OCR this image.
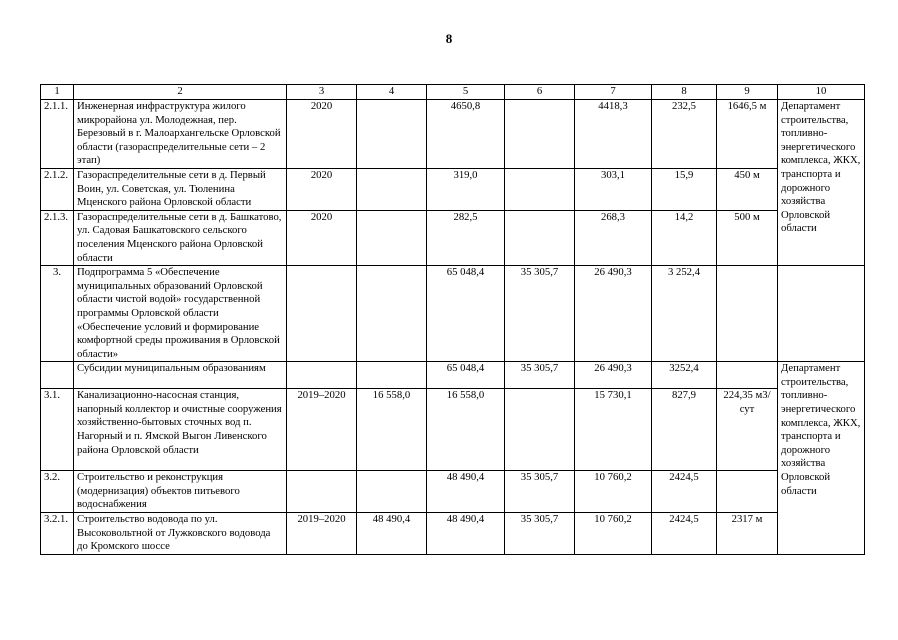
8
1	2	3	4	5	6	7	8	9	10
2.1.1.	Инженерная инфраструктура жилого микрорайона ул. Молодежная, пер. Березовый в г. Малоархангельске Орловской области (газораспределительные сети – 2 этап)	2020		4650,8		4418,3	232,5	1646,5 м	Департамент строительства, топливно-энергетического комплекса, ЖКХ, транспорта и дорожного хозяйства Орловской области
2.1.2.	Газораспределительные сети в д. Первый Воин, ул. Советская, ул. Тюленина Мценского района Орловской области	2020		319,0		303,1	15,9	450 м	
2.1.3.	Газораспределительные сети в д. Башкатово, ул. Садовая Башкатовского сельского поселения Мценского района Орловской области	2020		282,5		268,3	14,2	500 м	
3.	Подпрограмма 5 «Обеспечение муниципальных образований Орловской области чистой водой» государственной программы Орловской области «Обеспечение условий и формирование комфортной среды проживания в Орловской области»			65 048,4	35 305,7	26 490,3	3 252,4		
	Субсидии муниципальным образованиям			65 048,4	35 305,7	26 490,3	3252,4		Департамент строительства, топливно-энергетического комплекса, ЖКХ, транспорта и дорожного хозяйства Орловской области
3.1.	Канализационно-насосная станция, напорный коллектор и очистные сооружения хозяйственно-бытовых сточных вод п. Нагорный и п. Ямской Выгон Ливенского района Орловской области	2019–2020	16 558,0	16 558,0		15 730,1	827,9	224,35 м3/сут	
3.2.	Строительство и реконструкция (модернизация) объектов питьевого водоснабжения			48 490,4	35 305,7	10 760,2	2424,5		
3.2.1.	Строительство водовода по ул. Высоковольтной от Лужковского водовода до Кромского шоссе	2019–2020	48 490,4	48 490,4	35 305,7	10 760,2	2424,5	2317 м	
